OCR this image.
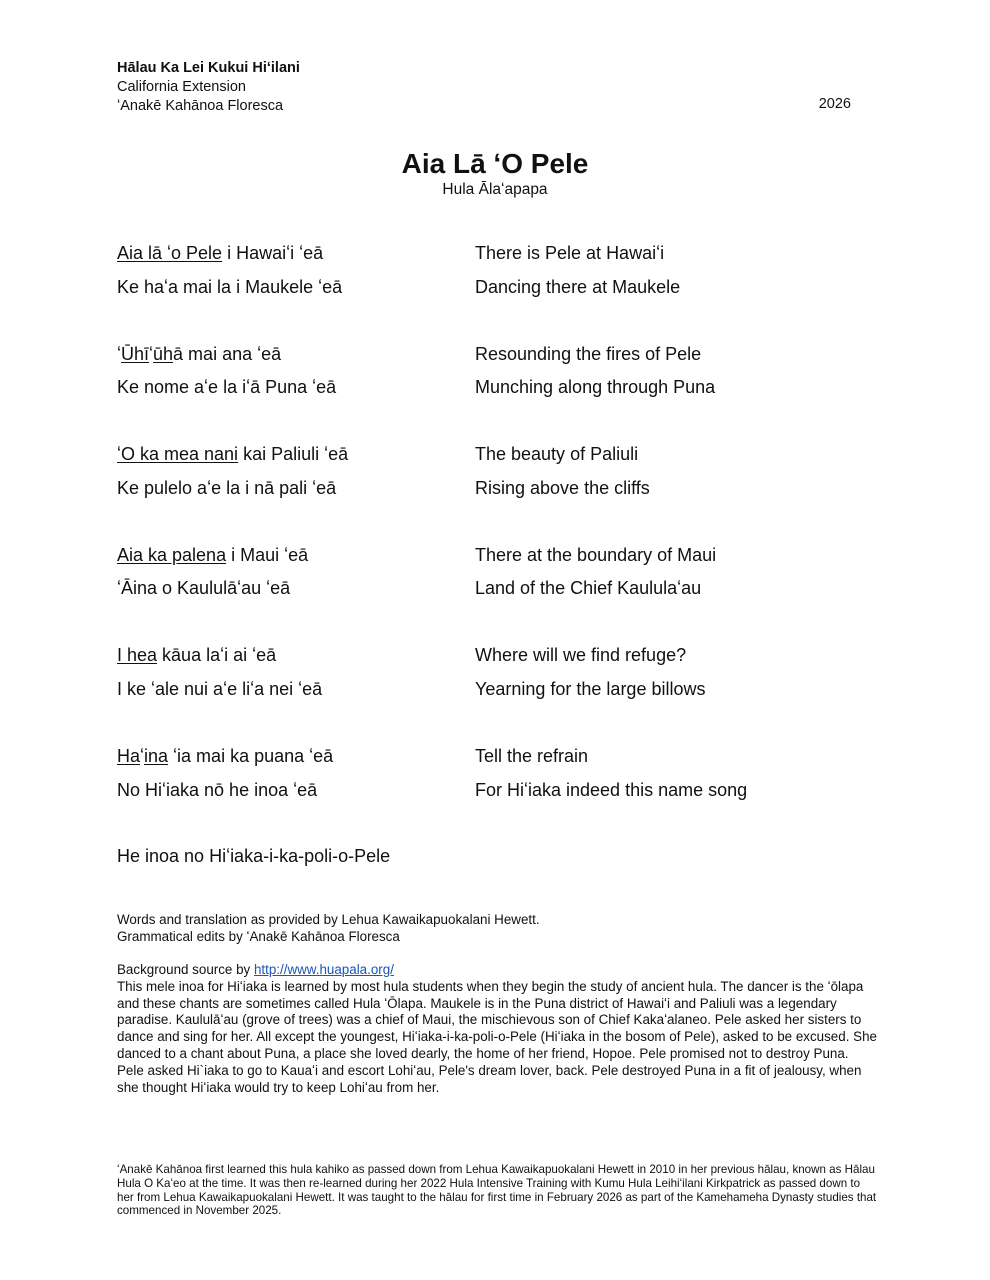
Hālau Ka Lei Kukui Hiʻilani
California Extension
ʻAnakē Kahānoa Floresca	2026
Aia Lā ʻO Pele
Hula Ālaʻapapa
Aia lā ʻo Pele i Hawaiʻi ʻeā
Ke haʻa mai la i Maukele ʻeā
There is Pele at Hawaiʻi
Dancing there at Maukele
ʻŪhīʻūhā mai ana ʻeā
Ke nome aʻe la iʻā Puna ʻeā
Resounding the fires of Pele
Munching along through Puna
ʻO ka mea nani kai Paliuli ʻeā
Ke pulelo aʻe la i nā pali ʻeā
The beauty of Paliuli
Rising above the cliffs
Aia ka palena i Maui ʻeā
ʻĀina o Kaululāʻau ʻeā
There at the boundary of Maui
Land of the Chief Kaululaʻau
I hea kāua laʻi ai ʻeā
I ke ʻale nui aʻe liʻa nei ʻeā
Where will we find refuge?
Yearning for the large billows
Haʻina ʻia mai ka puana ʻeā
No Hiʻiaka nō he inoa ʻeā
Tell the refrain
For Hiʻiaka indeed this name song
He inoa no Hiʻiaka-i-ka-poli-o-Pele
Words and translation as provided by Lehua Kawaikapuokalani Hewett.
Grammatical edits by ʻAnakē Kahānoa Floresca
Background source by http://www.huapala.org/
This mele inoa for Hiʻiaka is learned by most hula students when they begin the study of ancient hula. The dancer is the ʻōlapa and these chants are sometimes called Hula ʻŌlapa. Maukele is in the Puna district of Hawaiʻi and Paliuli was a legendary paradise. Kaululāʻau (grove of trees) was a chief of Maui, the mischievous son of Chief Kakaʻalaneo. Pele asked her sisters to dance and sing for her. All except the youngest, Hiʻiaka-i-ka-poli-o-Pele (Hiʻiaka in the bosom of Pele), asked to be excused. She danced to a chant about Puna, a place she loved dearly, the home of her friend, Hopoe. Pele promised not to destroy Puna. Pele asked Hi`iaka to go to Kauaʻi and escort Lohiʻau, Pele's dream lover, back. Pele destroyed Puna in a fit of jealousy, when she thought Hiʻiaka would try to keep Lohiʻau from her.
ʻAnakē Kahānoa first learned this hula kahiko as passed down from Lehua Kawaikapuokalani Hewett in 2010 in her previous hālau, known as Hālau Hula O Kaʻeo at the time. It was then re-learned during her 2022 Hula Intensive Training with Kumu Hula Leihiʻilani Kirkpatrick as passed down to her from Lehua Kawaikapuokalani Hewett. It was taught to the hālau for first time in February 2026 as part of the Kamehameha Dynasty studies that commenced in November 2025.
